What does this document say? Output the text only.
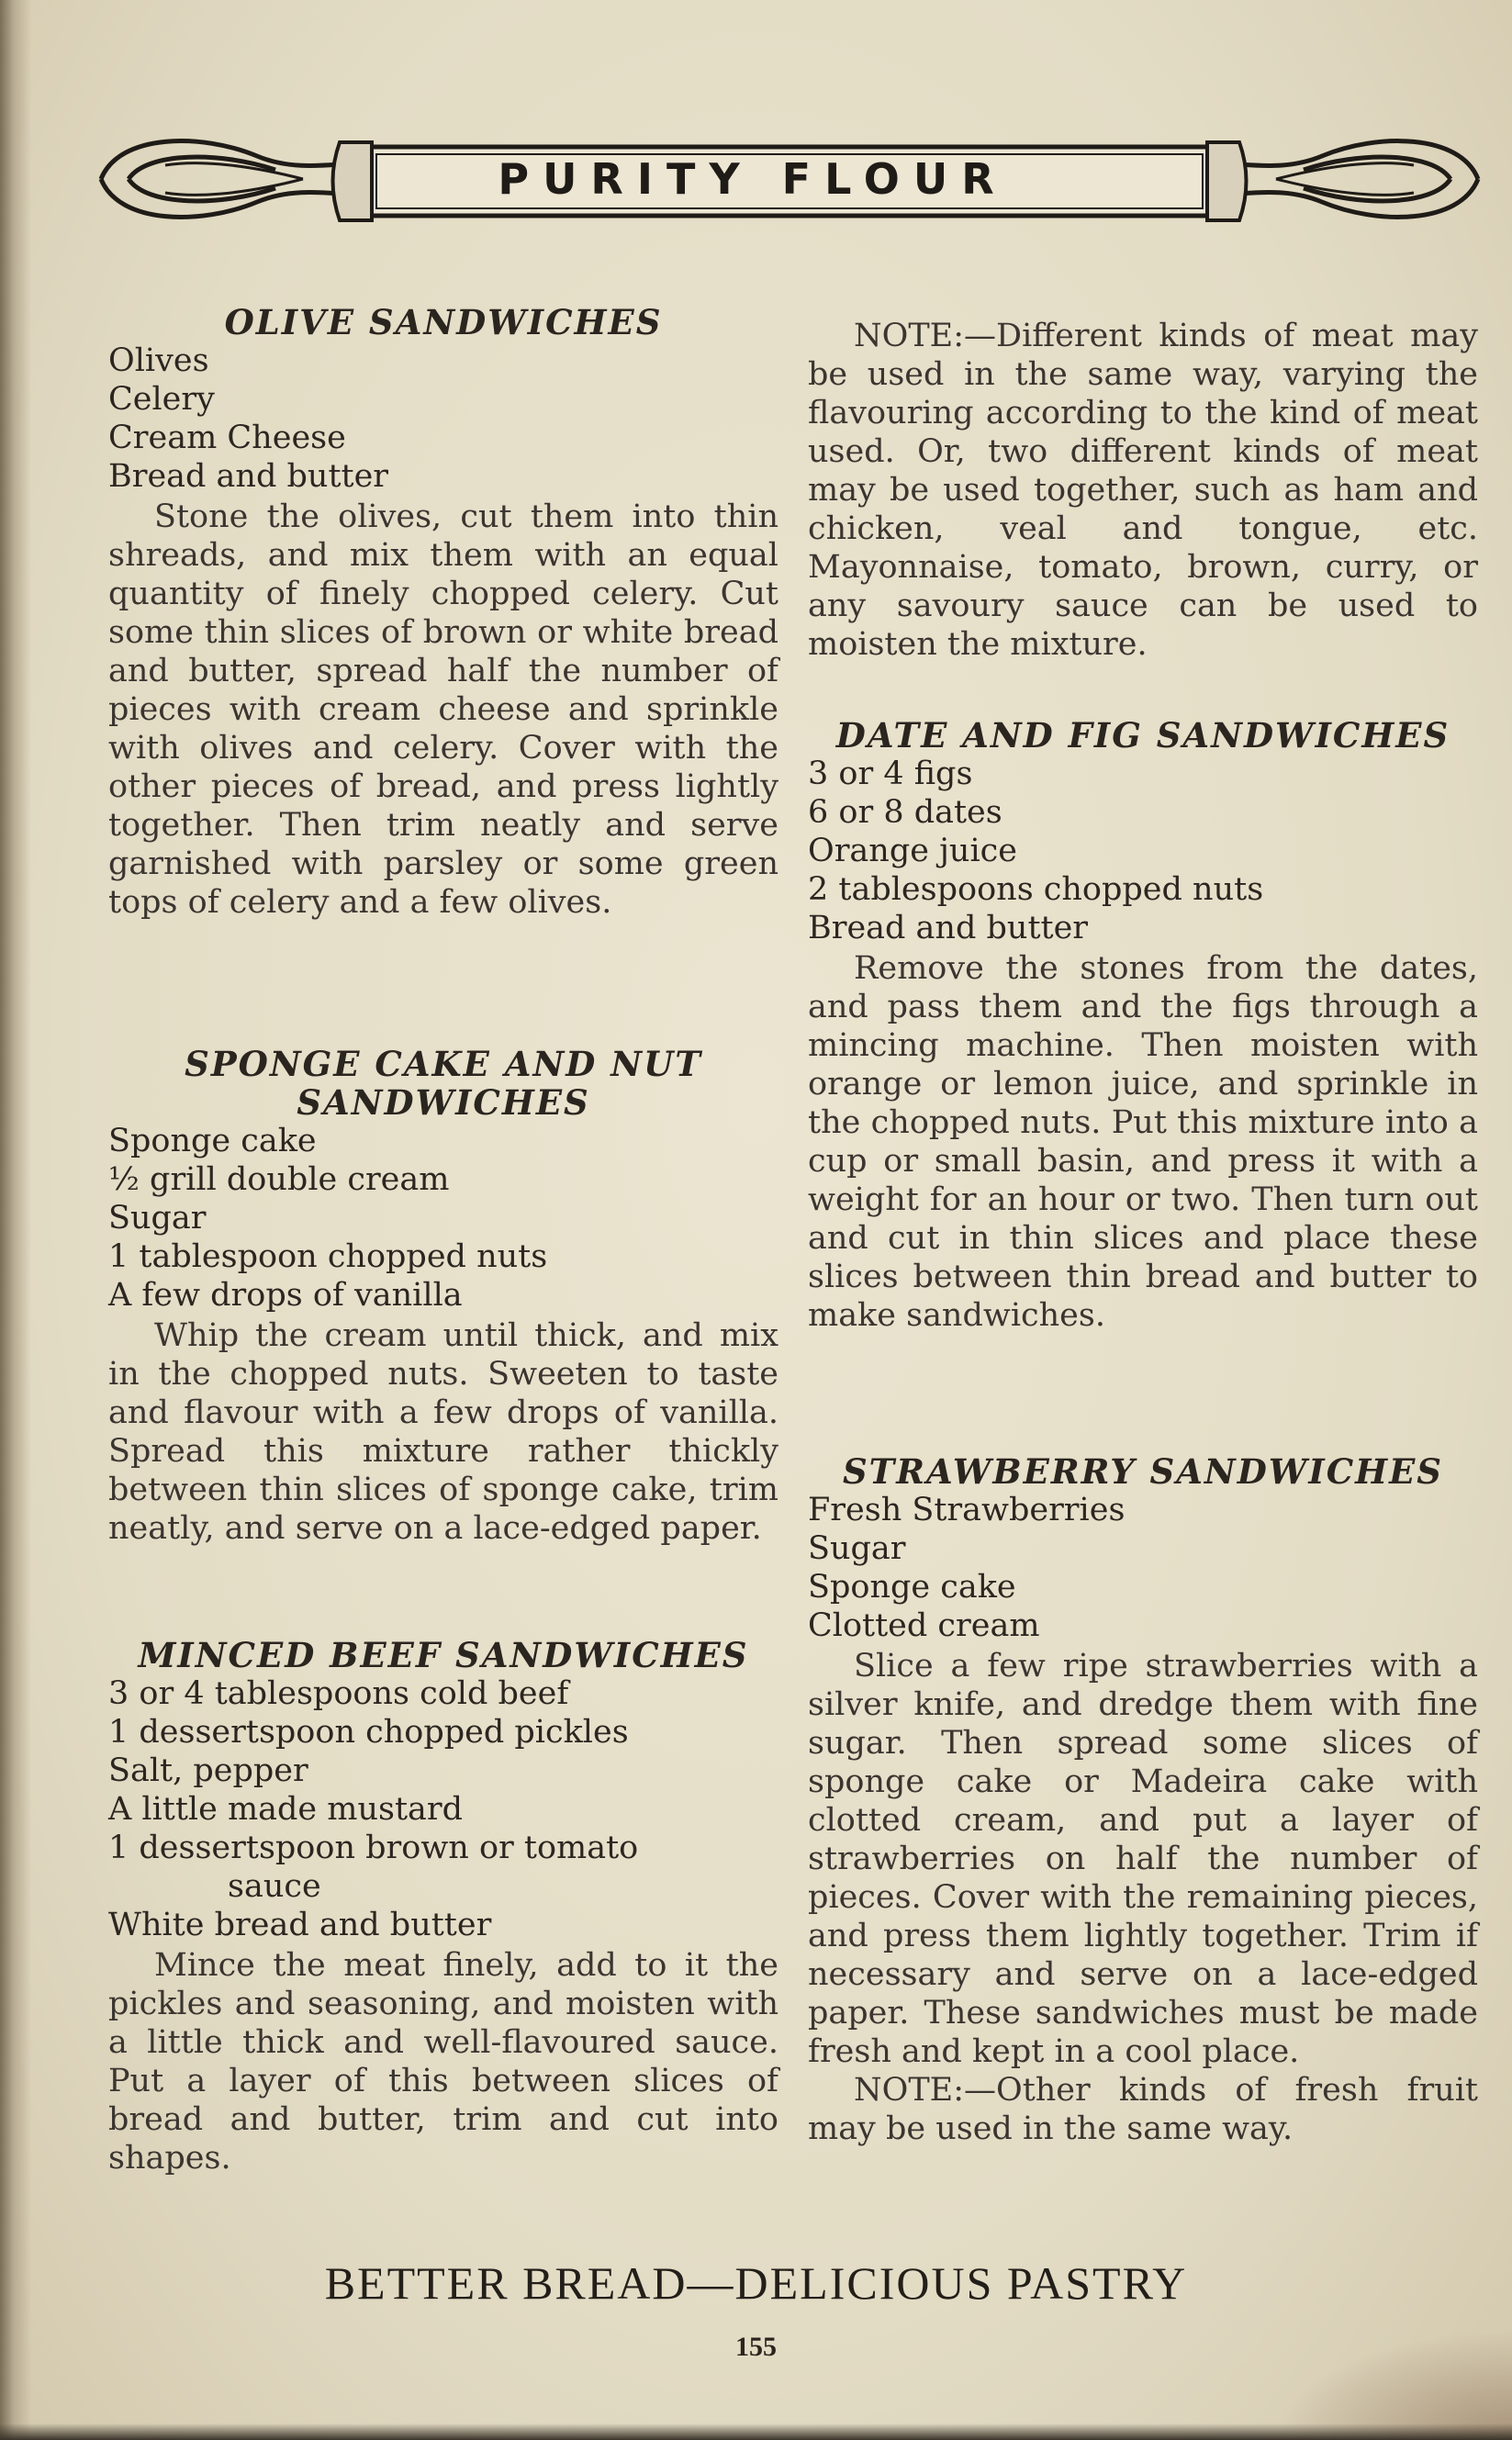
PURITY FLOUR
OLIVE SANDWICHES
Olives
Celery
Cream Cheese
Bread and butter

Stone the olives, cut them into thin shreads, and mix them with an equal quantity of finely chopped celery. Cut some thin slices of brown or white bread and butter, spread half the number of pieces with cream cheese and sprinkle with olives and celery. Cover with the other pieces of bread, and press lightly together. Then trim neatly and serve garnished with parsley or some green tops of celery and a few olives.

SPONGE CAKE AND NUT SANDWICHES
Sponge cake
½ grill double cream
Sugar
1 tablespoon chopped nuts
A few drops of vanilla

Whip the cream until thick, and mix in the chopped nuts. Sweeten to taste and flavour with a few drops of vanilla. Spread this mixture rather thickly between thin slices of sponge cake, trim neatly, and serve on a lace-edged paper.

MINCED BEEF SANDWICHES
3 or 4 tablespoons cold beef
1 dessertspoon chopped pickles
Salt, pepper
A little made mustard
1 dessertspoon brown or tomato
sauce
White bread and butter

Mince the meat finely, add to it the pickles and seasoning, and moisten with a little thick and well-flavoured sauce. Put a layer of this between slices of bread and butter, trim and cut into shapes.

NOTE:—Different kinds of meat may be used in the same way, varying the flavouring according to the kind of meat used. Or, two different kinds of meat may be used together, such as ham and chicken, veal and tongue, etc. Mayonnaise, tomato, brown, curry, or any savoury sauce can be used to moisten the mixture.

DATE AND FIG SANDWICHES
3 or 4 figs
6 or 8 dates
Orange juice
2 tablespoons chopped nuts
Bread and butter

Remove the stones from the dates, and pass them and the figs through a mincing machine. Then moisten with orange or lemon juice, and sprinkle in the chopped nuts. Put this mixture into a cup or small basin, and press it with a weight for an hour or two. Then turn out and cut in thin slices and place these slices between thin bread and butter to make sandwiches.

STRAWBERRY SANDWICHES
Fresh Strawberries
Sugar
Sponge cake
Clotted cream

Slice a few ripe strawberries with a silver knife, and dredge them with fine sugar. Then spread some slices of sponge cake or Madeira cake with clotted cream, and put a layer of strawberries on half the number of pieces. Cover with the remaining pieces, and press them lightly together. Trim if necessary and serve on a lace-edged paper. These sandwiches must be made fresh and kept in a cool place.

NOTE:—Other kinds of fresh fruit may be used in the same way.

BETTER BREAD—DELICIOUS PASTRY
155
